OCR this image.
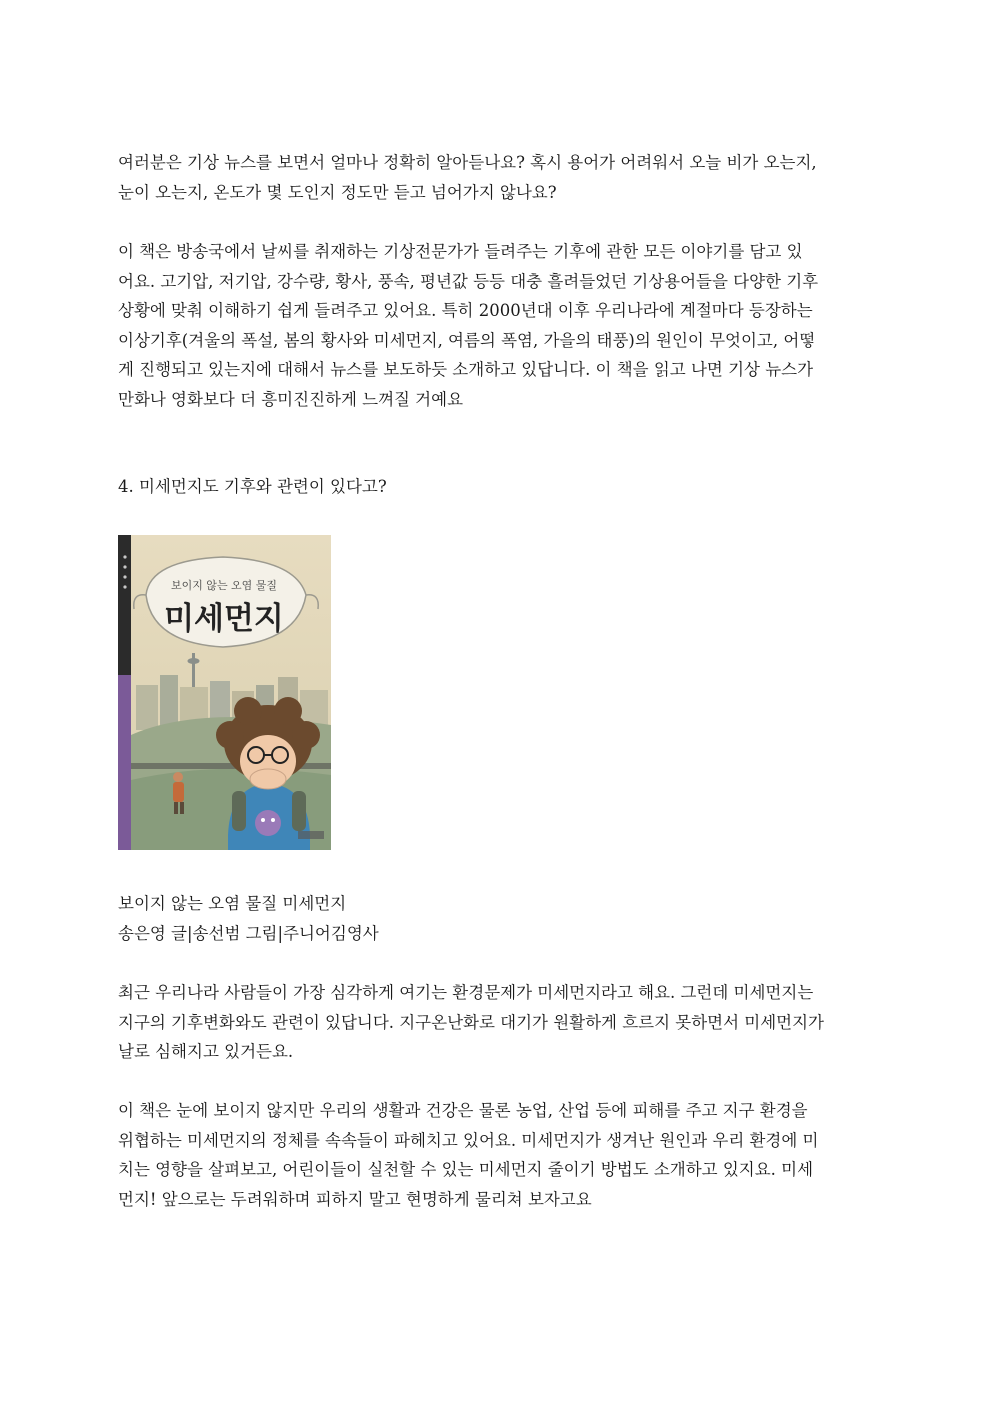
여러분은 기상 뉴스를 보면서 얼마나 정확히 알아듣나요? 혹시 용어가 어려워서 오늘 비가 오는지,
눈이 오는지, 온도가 몇 도인지 정도만 듣고 넘어가지 않나요?

이 책은 방송국에서 날씨를 취재하는 기상전문가가 들려주는 기후에 관한 모든 이야기를 담고 있
어요. 고기압, 저기압, 강수량, 황사, 풍속, 평년값 등등 대충 흘려들었던 기상용어들을 다양한 기후
상황에 맞춰 이해하기 쉽게 들려주고 있어요. 특히 2000년대 이후 우리나라에 계절마다 등장하는
이상기후(겨울의 폭설, 봄의 황사와 미세먼지, 여름의 폭염, 가을의 태풍)의 원인이 무엇이고, 어떻
게 진행되고 있는지에 대해서 뉴스를 보도하듯 소개하고 있답니다. 이 책을 읽고 나면 기상 뉴스가
만화나 영화보다 더 흥미진진하게 느껴질 거예요

4. 미세먼지도 기후와 관련이 있다고?

보이지 않는 오염 물질
미세먼지

보이지 않는 오염 물질 미세먼지
송은영 글|송선범 그림|주니어김영사

최근 우리나라 사람들이 가장 심각하게 여기는 환경문제가 미세먼지라고 해요. 그런데 미세먼지는
지구의 기후변화와도 관련이 있답니다. 지구온난화로 대기가 원활하게 흐르지 못하면서 미세먼지가
날로 심해지고 있거든요.

이 책은 눈에 보이지 않지만 우리의 생활과 건강은 물론 농업, 산업 등에 피해를 주고 지구 환경을
위협하는 미세먼지의 정체를 속속들이 파헤치고 있어요. 미세먼지가 생겨난 원인과 우리 환경에 미
치는 영향을 살펴보고, 어린이들이 실천할 수 있는 미세먼지 줄이기 방법도 소개하고 있지요. 미세
먼지! 앞으로는 두려워하며 피하지 말고 현명하게 물리쳐 보자고요
